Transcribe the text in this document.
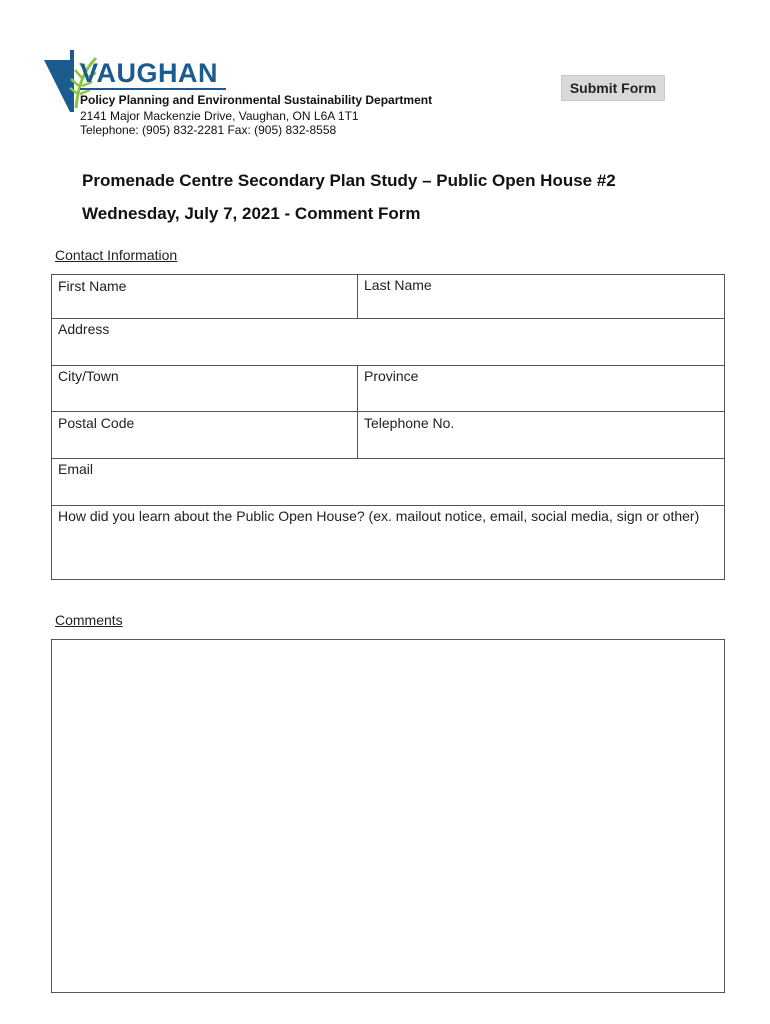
VAUGHAN
Policy Planning and Environmental Sustainability Department
2141 Major Mackenzie Drive, Vaughan, ON L6A 1T1
Telephone: (905) 832-2281 Fax: (905) 832-8558
Submit Form
Promenade Centre Secondary Plan Study – Public Open House #2
Wednesday, July 7, 2021 - Comment Form
Contact Information
First Name	Last Name
Address
City/Town	Province
Postal Code	Telephone No.
Email
How did you learn about the Public Open House? (ex. mailout notice, email, social media, sign or other)
Comments
